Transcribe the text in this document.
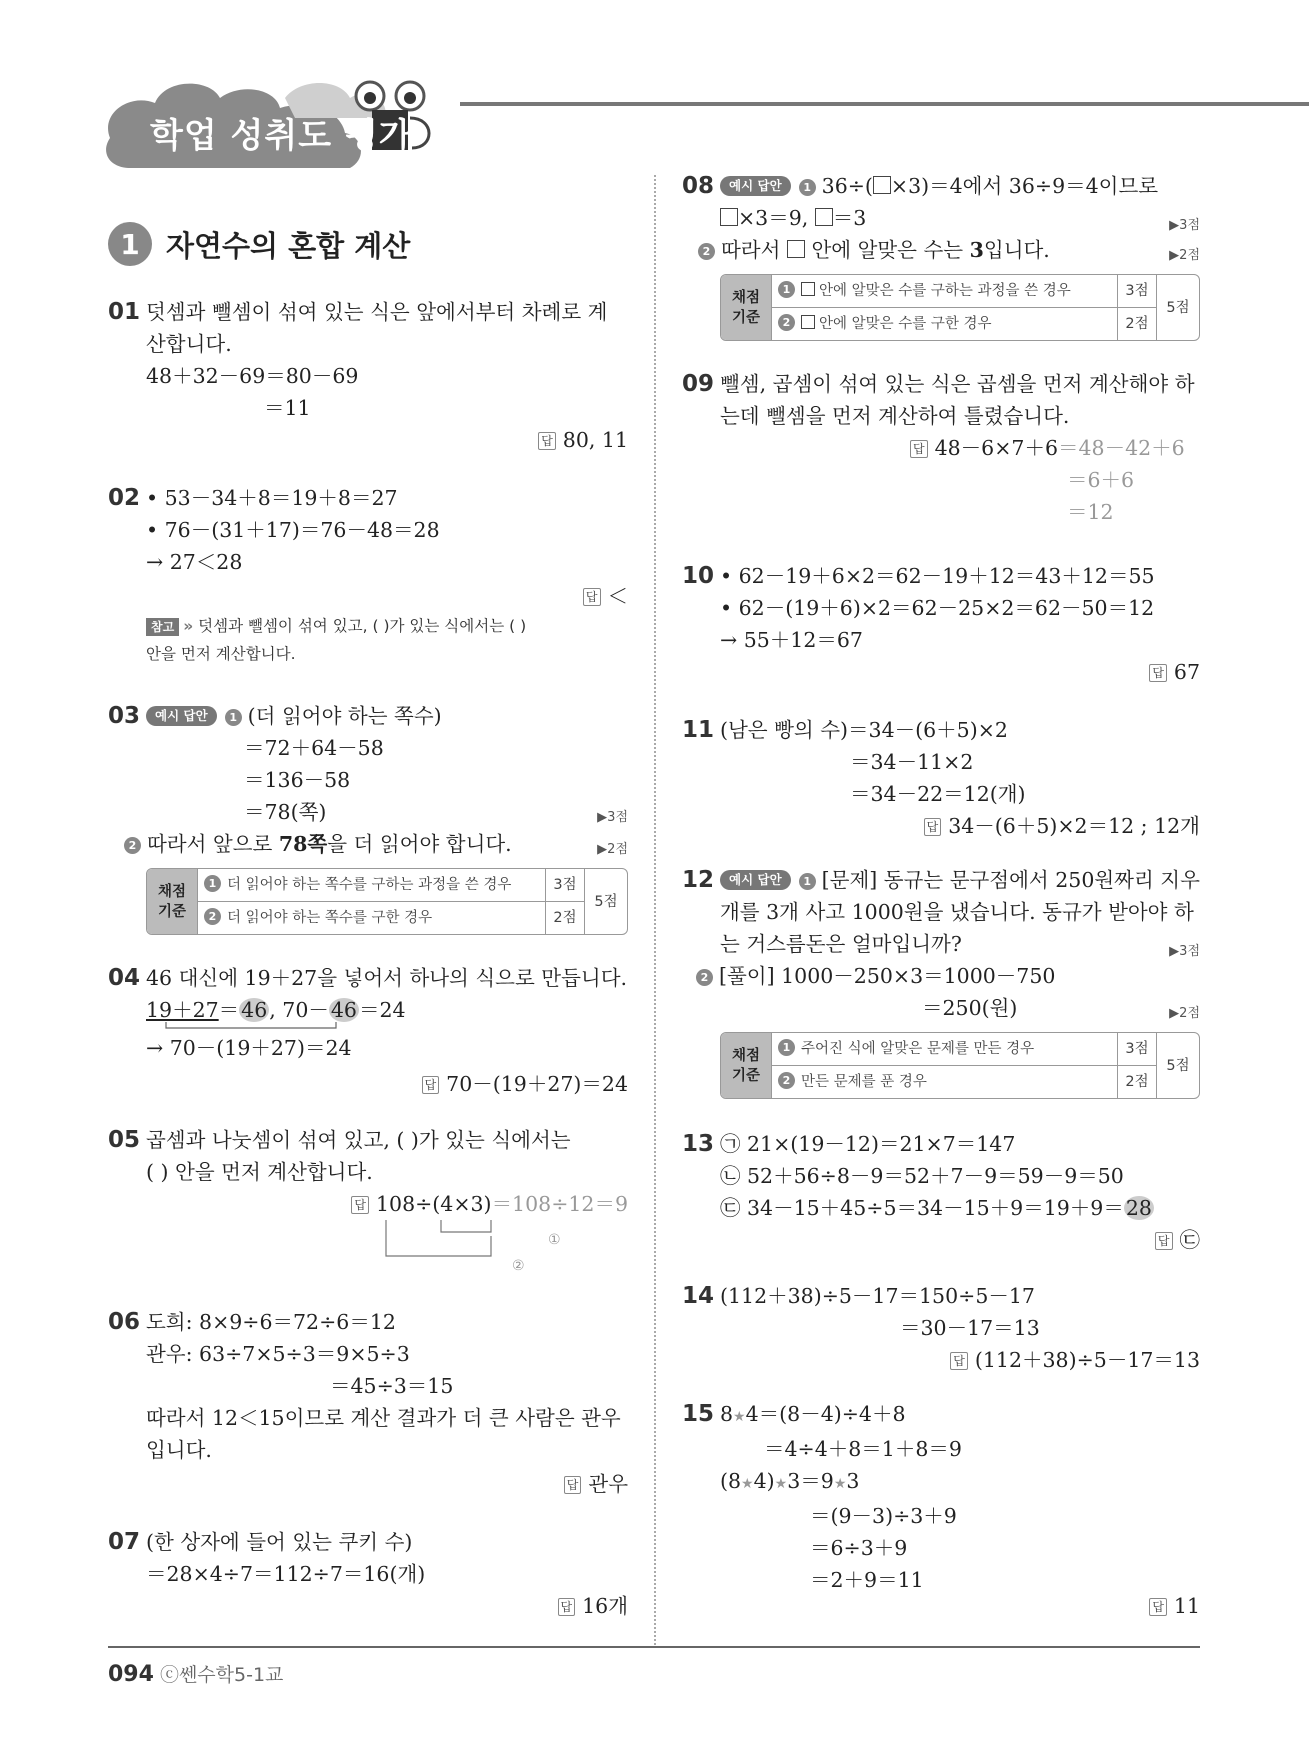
학업 성취도 평가
1 자연수의 혼합 계산
01 덧셈과 뺄셈이 섞여 있는 식은 앞에서부터 차례로 계
산합니다.
48＋32－69＝80－69
＝11
답 80, 11
02 • 53－34＋8＝19＋8＝27
• 76－(31＋17)＝76－48＝28
→ 27＜28
답 ＜
참고 » 덧셈과 뺄셈이 섞여 있고, ( )가 있는 식에서는 ( )
안을 먼저 계산합니다.
03	예시 답안 1 (더 읽어야 하는 쪽수)
＝72＋64－58
＝136－58
＝78(쪽)	▶3점
2 따라서 앞으로 78쪽을 더 읽어야 합니다.	▶2점
채점
기준	1 더 읽어야 하는 쪽수를 구하는 과정을 쓴 경우	3점	5점
	2 더 읽어야 하는 쪽수를 구한 경우	2점	
04 46 대신에 19＋27을 넣어서 하나의 식으로 만듭니다.
19＋27＝46, 70－46＝24
→ 70－(19＋27)＝24
답 70－(19＋27)＝24
05 곱셈과 나눗셈이 섞여 있고, ( )가 있는 식에서는
( ) 안을 먼저 계산합니다.
답 108÷(4×3)＝108÷12＝9
①
②
06 도희: 8×9÷6＝72÷6＝12
관우: 63÷7×5÷3＝9×5÷3
＝45÷3＝15
따라서 12＜15이므로 계산 결과가 더 큰 사람은 관우
입니다.
답 관우
07 (한 상자에 들어 있는 쿠키 수)
＝28×4÷7＝112÷7＝16(개)
답 16개
08	예시 답안 1 36÷( ×3)＝4에서 36÷9＝4이므로
×3＝9, ＝3	▶3점
2 따라서  안에 알맞은 수는 3입니다.	▶2점
채점
기준	1 안에 알맞은 수를 구하는 과정을 쓴 경우	3점	5점
	2 안에 알맞은 수를 구한 경우	2점	
09 뺄셈, 곱셈이 섞여 있는 식은 곱셈을 먼저 계산해야 하
는데 뺄셈을 먼저 계산하여 틀렸습니다.
답 48－6×7＋6＝48－42＋6
＝6＋6
＝12
10 • 62－19＋6×2＝62－19＋12＝43＋12＝55
• 62－(19＋6)×2＝62－25×2＝62－50＝12
→ 55＋12＝67
답 67
11 (남은 빵의 수)＝34－(6＋5)×2
＝34－11×2
＝34－22＝12(개)
답 34－(6＋5)×2＝12 ; 12개
12	예시 답안 1 [문제] 동규는 문구점에서 250원짜리 지우
개를 3개 사고 1000원을 냈습니다. 동규가 받아야 하
는 거스름돈은 얼마입니까?	▶3점
2 [풀이] 1000－250×3＝1000－750
＝250(원)	▶2점
채점
기준	1 주어진 식에 알맞은 문제를 만든 경우	3점	5점
	2 만든 문제를 푼 경우	2점	
13 ㉠ 21×(19－12)＝21×7＝147
㉡ 52＋56÷8－9＝52＋7－9＝59－9＝50
㉢ 34－15＋45÷5＝34－15＋9＝19＋9＝28
답 ㉢
14 (112＋38)÷5－17＝150÷5－17
＝30－17＝13
답 (112＋38)÷5－17＝13
15 8★4＝(8－4)÷4＋8
＝4÷4＋8＝1＋8＝9
(8★4)★3＝9★3
＝(9－3)÷3＋9
＝6÷3＋9
＝2＋9＝11
답 11
094 ⓒ쎈수학5-1교
